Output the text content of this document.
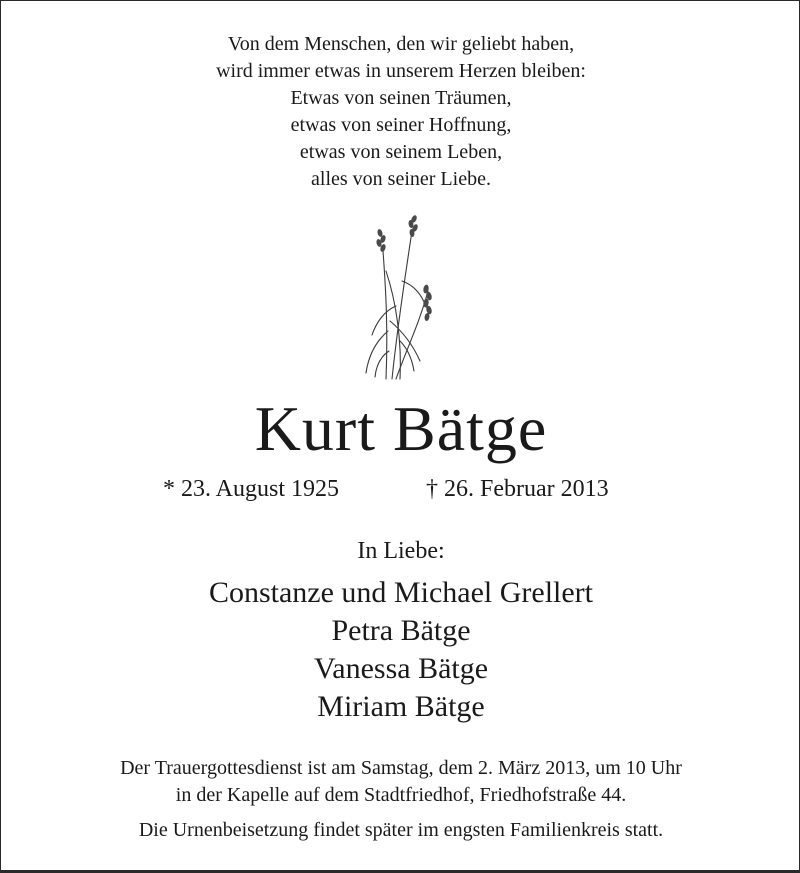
Von dem Menschen, den wir geliebt haben,
wird immer etwas in unserem Herzen bleiben:
Etwas von seinen Träumen,
etwas von seiner Hoffnung,
etwas von seinem Leben,
alles von seiner Liebe.
Kurt Bätge
* 23. August 1925	† 26. Februar 2013
In Liebe:
Constanze und Michael Grellert
Petra Bätge
Vanessa Bätge
Miriam Bätge
Der Trauergottesdienst ist am Samstag, dem 2. März 2013, um 10 Uhr
in der Kapelle auf dem Stadtfriedhof, Friedhofstraße 44.
Die Urnenbeisetzung findet später im engsten Familienkreis statt.
